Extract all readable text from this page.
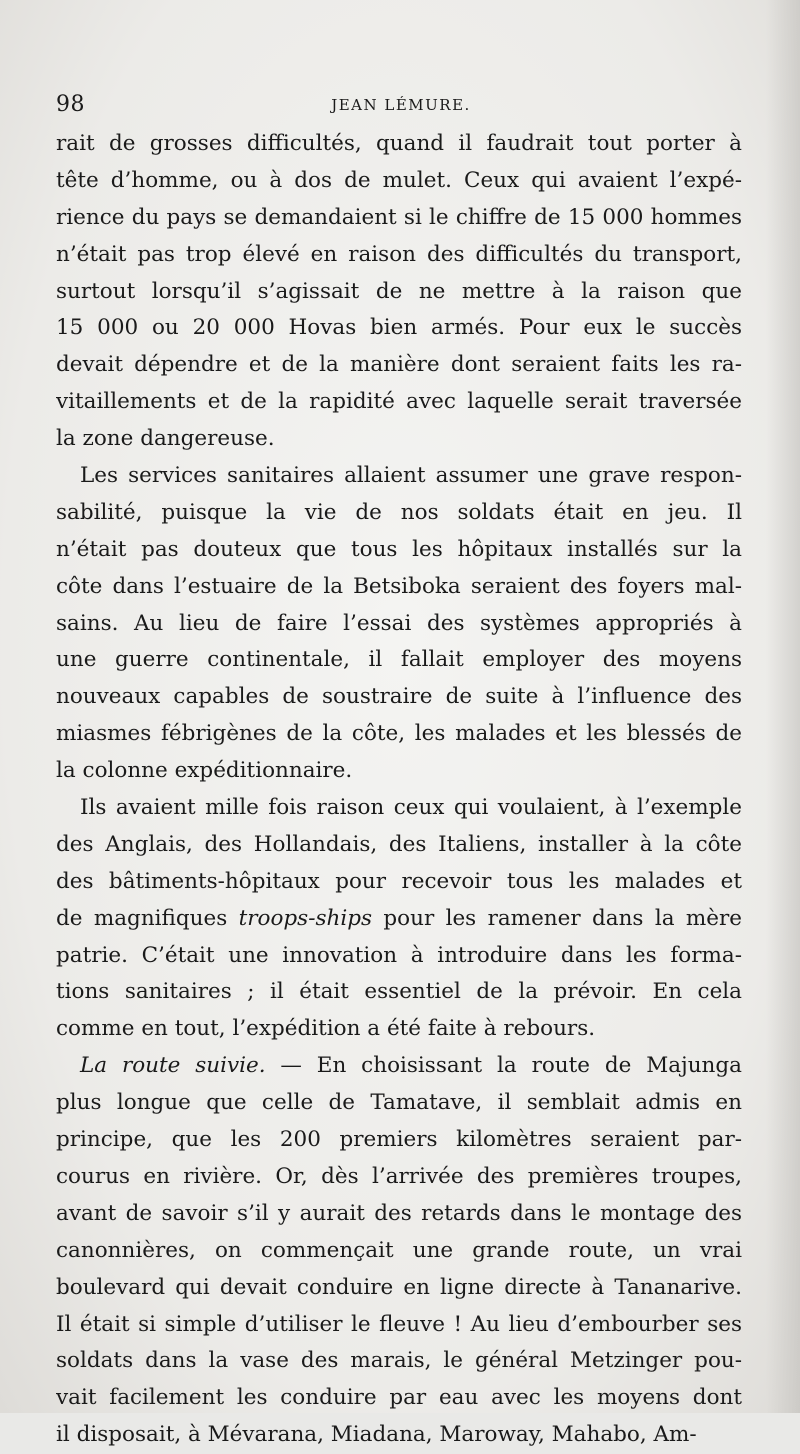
98	JEAN LÉMURE.
rait de grosses difficultés, quand il faudrait tout porter à
tête d’homme, ou à dos de mulet. Ceux qui avaient l’expé-
rience du pays se demandaient si le chiffre de 15 000 hommes
n’était pas trop élevé en raison des difficultés du transport,
surtout lorsqu’il s’agissait de ne mettre à la raison que
15 000 ou 20 000 Hovas bien armés. Pour eux le succès
devait dépendre et de la manière dont seraient faits les ra-
vitaillements et de la rapidité avec laquelle serait traversée
la zone dangereuse.
Les services sanitaires allaient assumer une grave respon-
sabilité, puisque la vie de nos soldats était en jeu. Il
n’était pas douteux que tous les hôpitaux installés sur la
côte dans l’estuaire de la Betsiboka seraient des foyers mal-
sains. Au lieu de faire l’essai des systèmes appropriés à
une guerre continentale, il fallait employer des moyens
nouveaux capables de soustraire de suite à l’influence des
miasmes fébrigènes de la côte, les malades et les blessés de
la colonne expéditionnaire.
Ils avaient mille fois raison ceux qui voulaient, à l’exemple
des Anglais, des Hollandais, des Italiens, installer à la côte
des bâtiments-hôpitaux pour recevoir tous les malades et
de magnifiques troops-ships pour les ramener dans la mère
patrie. C’était une innovation à introduire dans les forma-
tions sanitaires ; il était essentiel de la prévoir. En cela
comme en tout, l’expédition a été faite à rebours.
La route suivie. — En choisissant la route de Majunga
plus longue que celle de Tamatave, il semblait admis en
principe, que les 200 premiers kilomètres seraient par-
courus en rivière. Or, dès l’arrivée des premières troupes,
avant de savoir s’il y aurait des retards dans le montage des
canonnières, on commençait une grande route, un vrai
boulevard qui devait conduire en ligne directe à Tananarive.
Il était si simple d’utiliser le fleuve ! Au lieu d’embourber ses
soldats dans la vase des marais, le général Metzinger pou-
vait facilement les conduire par eau avec les moyens dont
il disposait, à Mévarana, Miadana, Maroway, Mahabo, Am-
